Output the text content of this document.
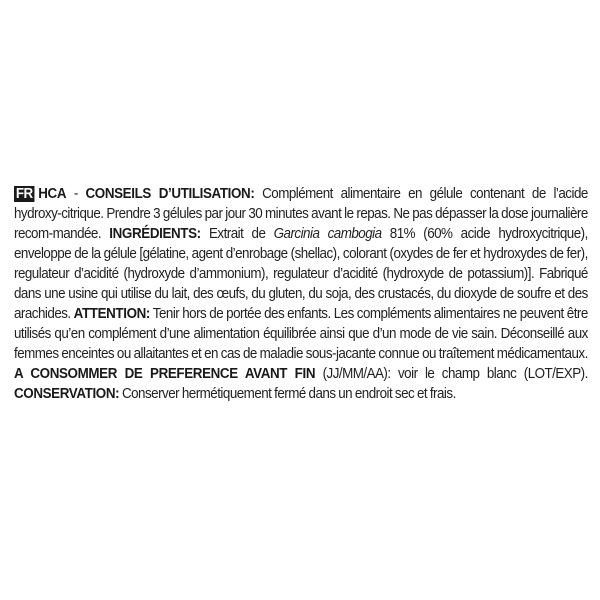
FR HCA - CONSEILS D’UTILISATION: Complément alimentaire en gélule contenant de l’acide hydroxy-citrique. Prendre 3 gélules par jour 30 minutes avant le repas. Ne pas dépasser la dose journalière recom-mandée. INGRÉDIENTS: Extrait de Garcinia cambogia 81% (60% acide hydroxycitrique), enveloppe de la gélule [gélatine, agent d’enrobage (shellac), colorant (oxydes de fer et hydroxydes de fer), regulateur d’acidité (hydroxyde d’ammonium), regulateur d’acidité (hydroxyde de potassium)]. Fabriqué dans une usine qui utilise du lait, des œufs, du gluten, du soja, des crustacés, du dioxyde de soufre et des arachides. ATTENTION: Tenir hors de portée des enfants. Les compléments alimentaires ne peuvent être utilisés qu’en complément d’une alimentation équilibrée ainsi que d’un mode de vie sain. Déconseillé aux femmes enceintes ou allaitantes et en cas de maladie sous-jacante connue ou traîtement médicamentaux. A CONSOMMER DE PREFERENCE AVANT FIN (JJ/MM/AA): voir le champ blanc (LOT/EXP). CONSERVATION: Conserver hermétiquement fermé dans un endroit sec et frais.
